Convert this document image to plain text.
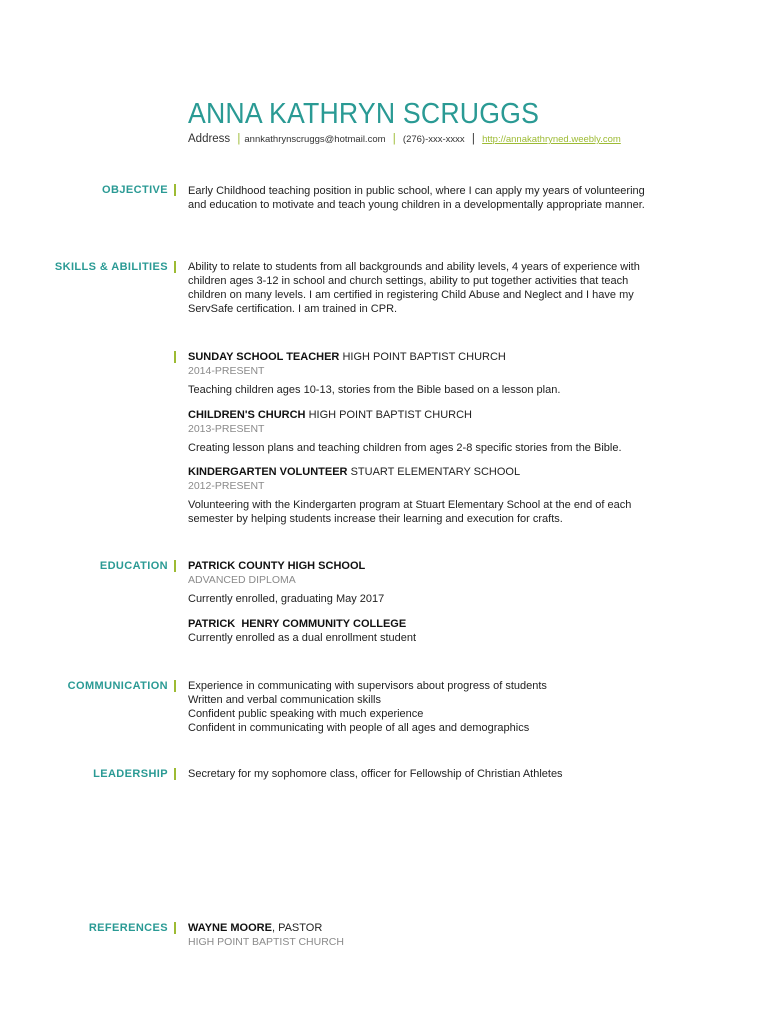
ANNA KATHRYN SCRUGGS
Address | annkathrynscruggs@hotmail.com | (276)-xxx-xxxx | http://annakathryned.weebly.com
OBJECTIVE Early Childhood teaching position in public school, where I can apply my years of volunteering and education to motivate and teach young children in a developmentally appropriate manner.
SKILLS & ABILITIES Ability to relate to students from all backgrounds and ability levels, 4 years of experience with children ages 3-12 in school and church settings, ability to put together activities that teach children on many levels. I am certified in registering Child Abuse and Neglect and I have my ServSafe certification. I am trained in CPR.
SUNDAY SCHOOL TEACHER HIGH POINT BAPTIST CHURCH
2014-PRESENT
Teaching children ages 10-13, stories from the Bible based on a lesson plan.
CHILDREN'S CHURCH HIGH POINT BAPTIST CHURCH
2013-PRESENT
Creating lesson plans and teaching children from ages 2-8 specific stories from the Bible.
KINDERGARTEN VOLUNTEER STUART ELEMENTARY SCHOOL
2012-PRESENT
Volunteering with the Kindergarten program at Stuart Elementary School at the end of each semester by helping students increase their learning and execution for crafts.
EDUCATION PATRICK COUNTY HIGH SCHOOL
ADVANCED DIPLOMA
Currently enrolled, graduating May 2017
PATRICK  HENRY COMMUNITY COLLEGE
Currently enrolled as a dual enrollment student
COMMUNICATION Experience in communicating with supervisors about progress of students
Written and verbal communication skills
Confident public speaking with much experience
Confident in communicating with people of all ages and demographics
LEADERSHIP Secretary for my sophomore class, officer for Fellowship of Christian Athletes
REFERENCES WAYNE MOORE, PASTOR
HIGH POINT BAPTIST CHURCH
